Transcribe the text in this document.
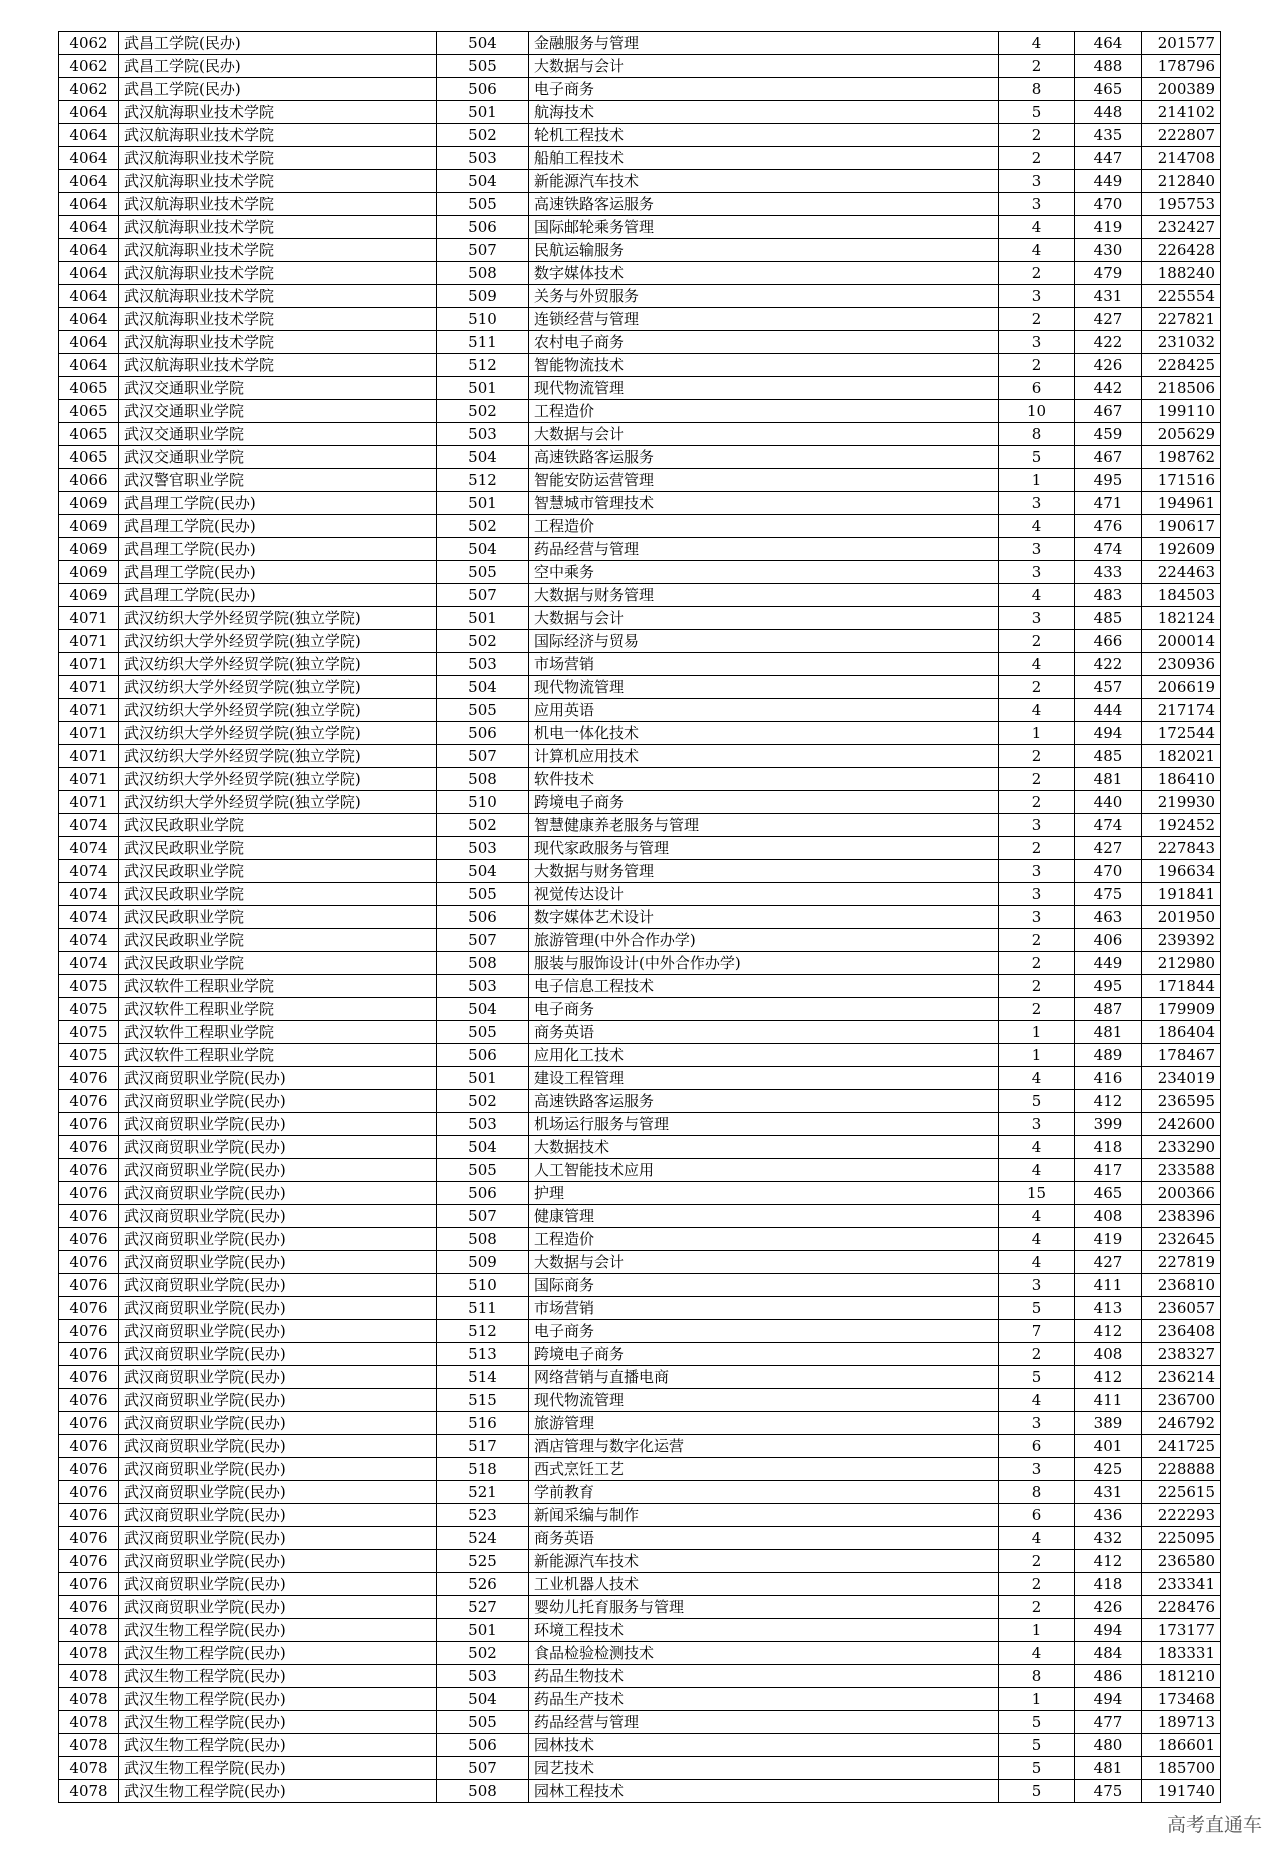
4062	武昌工学院(民办)	504	金融服务与管理	4	464	201577
4062	武昌工学院(民办)	505	大数据与会计	2	488	178796
4062	武昌工学院(民办)	506	电子商务	8	465	200389
4064	武汉航海职业技术学院	501	航海技术	5	448	214102
4064	武汉航海职业技术学院	502	轮机工程技术	2	435	222807
4064	武汉航海职业技术学院	503	船舶工程技术	2	447	214708
4064	武汉航海职业技术学院	504	新能源汽车技术	3	449	212840
4064	武汉航海职业技术学院	505	高速铁路客运服务	3	470	195753
4064	武汉航海职业技术学院	506	国际邮轮乘务管理	4	419	232427
4064	武汉航海职业技术学院	507	民航运输服务	4	430	226428
4064	武汉航海职业技术学院	508	数字媒体技术	2	479	188240
4064	武汉航海职业技术学院	509	关务与外贸服务	3	431	225554
4064	武汉航海职业技术学院	510	连锁经营与管理	2	427	227821
4064	武汉航海职业技术学院	511	农村电子商务	3	422	231032
4064	武汉航海职业技术学院	512	智能物流技术	2	426	228425
4065	武汉交通职业学院	501	现代物流管理	6	442	218506
4065	武汉交通职业学院	502	工程造价	10	467	199110
4065	武汉交通职业学院	503	大数据与会计	8	459	205629
4065	武汉交通职业学院	504	高速铁路客运服务	5	467	198762
4066	武汉警官职业学院	512	智能安防运营管理	1	495	171516
4069	武昌理工学院(民办)	501	智慧城市管理技术	3	471	194961
4069	武昌理工学院(民办)	502	工程造价	4	476	190617
4069	武昌理工学院(民办)	504	药品经营与管理	3	474	192609
4069	武昌理工学院(民办)	505	空中乘务	3	433	224463
4069	武昌理工学院(民办)	507	大数据与财务管理	4	483	184503
4071	武汉纺织大学外经贸学院(独立学院)	501	大数据与会计	3	485	182124
4071	武汉纺织大学外经贸学院(独立学院)	502	国际经济与贸易	2	466	200014
4071	武汉纺织大学外经贸学院(独立学院)	503	市场营销	4	422	230936
4071	武汉纺织大学外经贸学院(独立学院)	504	现代物流管理	2	457	206619
4071	武汉纺织大学外经贸学院(独立学院)	505	应用英语	4	444	217174
4071	武汉纺织大学外经贸学院(独立学院)	506	机电一体化技术	1	494	172544
4071	武汉纺织大学外经贸学院(独立学院)	507	计算机应用技术	2	485	182021
4071	武汉纺织大学外经贸学院(独立学院)	508	软件技术	2	481	186410
4071	武汉纺织大学外经贸学院(独立学院)	510	跨境电子商务	2	440	219930
4074	武汉民政职业学院	502	智慧健康养老服务与管理	3	474	192452
4074	武汉民政职业学院	503	现代家政服务与管理	2	427	227843
4074	武汉民政职业学院	504	大数据与财务管理	3	470	196634
4074	武汉民政职业学院	505	视觉传达设计	3	475	191841
4074	武汉民政职业学院	506	数字媒体艺术设计	3	463	201950
4074	武汉民政职业学院	507	旅游管理(中外合作办学)	2	406	239392
4074	武汉民政职业学院	508	服装与服饰设计(中外合作办学)	2	449	212980
4075	武汉软件工程职业学院	503	电子信息工程技术	2	495	171844
4075	武汉软件工程职业学院	504	电子商务	2	487	179909
4075	武汉软件工程职业学院	505	商务英语	1	481	186404
4075	武汉软件工程职业学院	506	应用化工技术	1	489	178467
4076	武汉商贸职业学院(民办)	501	建设工程管理	4	416	234019
4076	武汉商贸职业学院(民办)	502	高速铁路客运服务	5	412	236595
4076	武汉商贸职业学院(民办)	503	机场运行服务与管理	3	399	242600
4076	武汉商贸职业学院(民办)	504	大数据技术	4	418	233290
4076	武汉商贸职业学院(民办)	505	人工智能技术应用	4	417	233588
4076	武汉商贸职业学院(民办)	506	护理	15	465	200366
4076	武汉商贸职业学院(民办)	507	健康管理	4	408	238396
4076	武汉商贸职业学院(民办)	508	工程造价	4	419	232645
4076	武汉商贸职业学院(民办)	509	大数据与会计	4	427	227819
4076	武汉商贸职业学院(民办)	510	国际商务	3	411	236810
4076	武汉商贸职业学院(民办)	511	市场营销	5	413	236057
4076	武汉商贸职业学院(民办)	512	电子商务	7	412	236408
4076	武汉商贸职业学院(民办)	513	跨境电子商务	2	408	238327
4076	武汉商贸职业学院(民办)	514	网络营销与直播电商	5	412	236214
4076	武汉商贸职业学院(民办)	515	现代物流管理	4	411	236700
4076	武汉商贸职业学院(民办)	516	旅游管理	3	389	246792
4076	武汉商贸职业学院(民办)	517	酒店管理与数字化运营	6	401	241725
4076	武汉商贸职业学院(民办)	518	西式烹饪工艺	3	425	228888
4076	武汉商贸职业学院(民办)	521	学前教育	8	431	225615
4076	武汉商贸职业学院(民办)	523	新闻采编与制作	6	436	222293
4076	武汉商贸职业学院(民办)	524	商务英语	4	432	225095
4076	武汉商贸职业学院(民办)	525	新能源汽车技术	2	412	236580
4076	武汉商贸职业学院(民办)	526	工业机器人技术	2	418	233341
4076	武汉商贸职业学院(民办)	527	婴幼儿托育服务与管理	2	426	228476
4078	武汉生物工程学院(民办)	501	环境工程技术	1	494	173177
4078	武汉生物工程学院(民办)	502	食品检验检测技术	4	484	183331
4078	武汉生物工程学院(民办)	503	药品生物技术	8	486	181210
4078	武汉生物工程学院(民办)	504	药品生产技术	1	494	173468
4078	武汉生物工程学院(民办)	505	药品经营与管理	5	477	189713
4078	武汉生物工程学院(民办)	506	园林技术	5	480	186601
4078	武汉生物工程学院(民办)	507	园艺技术	5	481	185700
4078	武汉生物工程学院(民办)	508	园林工程技术	5	475	191740
高考直通车
